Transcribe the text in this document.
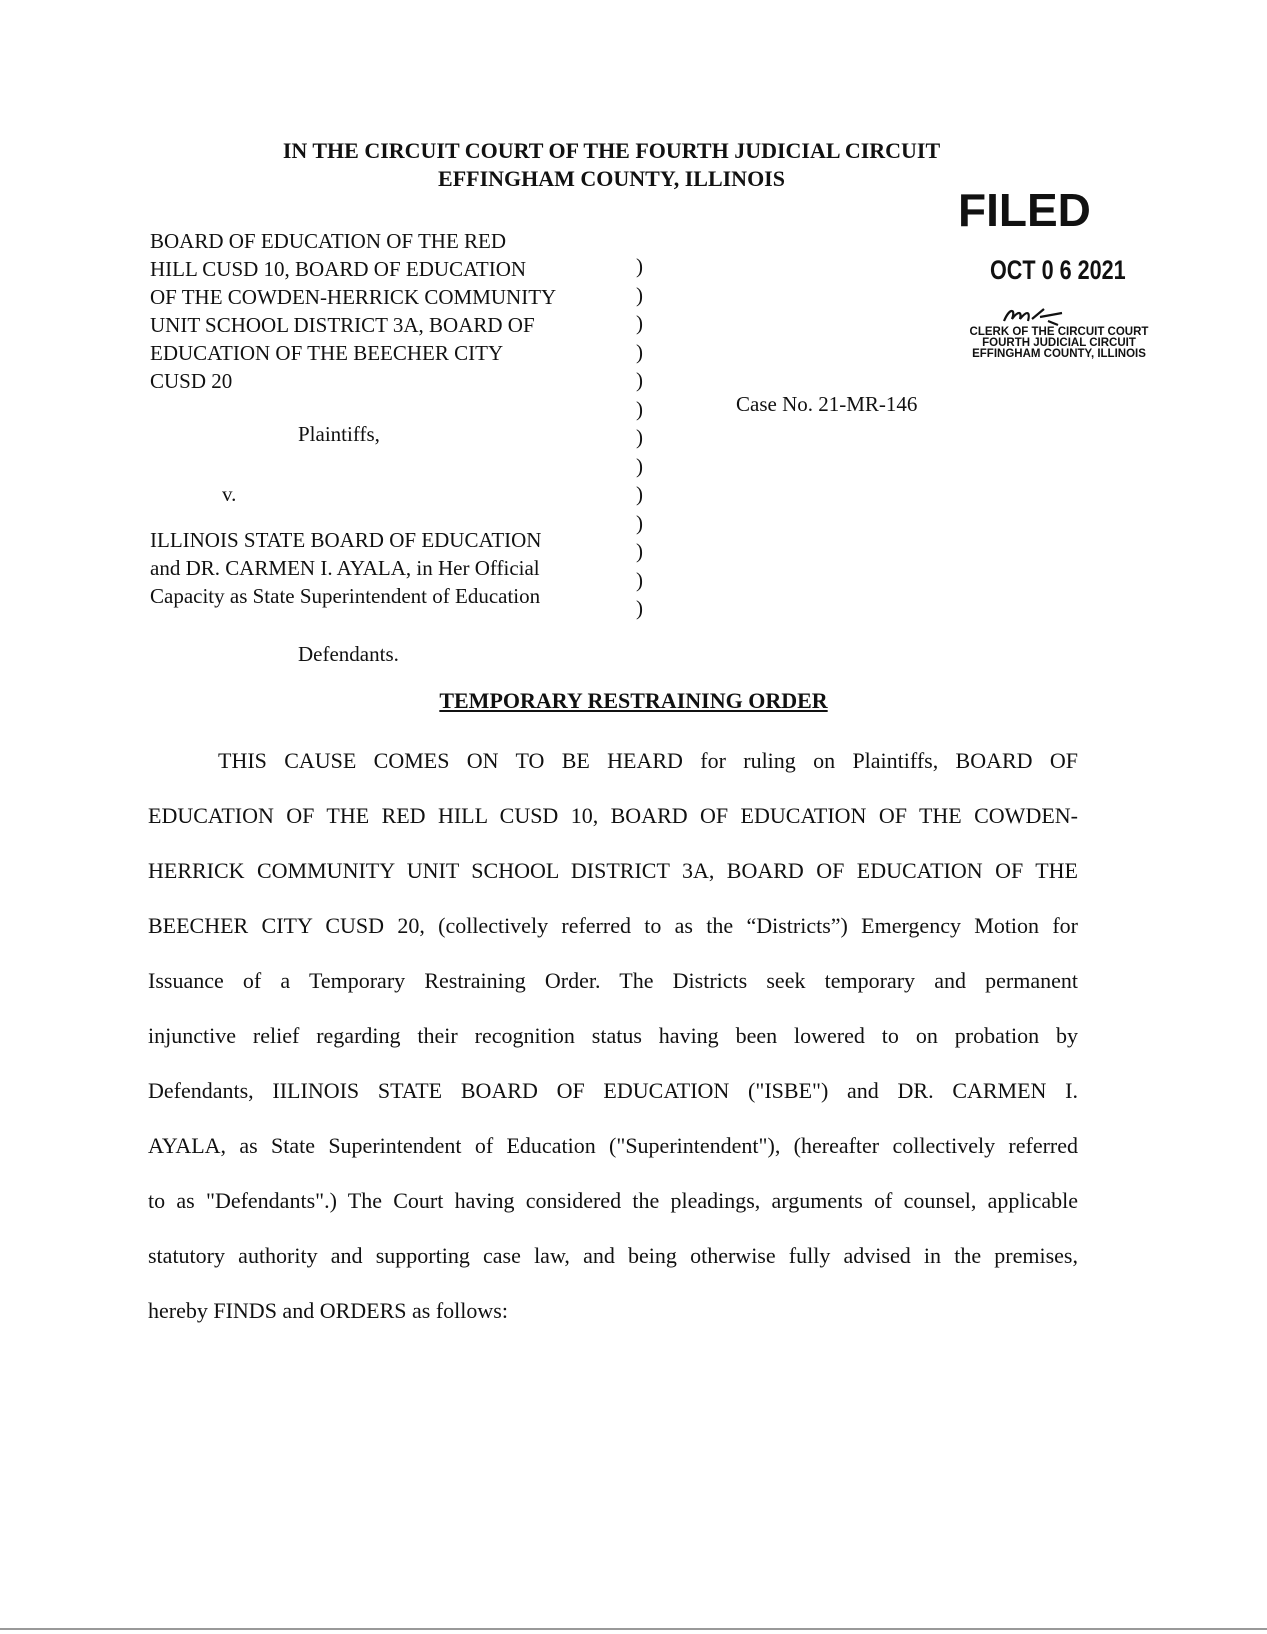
IN THE CIRCUIT COURT OF THE FOURTH JUDICIAL CIRCUIT
EFFINGHAM COUNTY, ILLINOIS
FILED
OCT 0 6 2021
CLERK OF THE CIRCUIT COURT
FOURTH JUDICIAL CIRCUIT
EFFINGHAM COUNTY, ILLINOIS
BOARD OF EDUCATION OF THE RED
HILL CUSD 10, BOARD OF EDUCATION
OF THE COWDEN-HERRICK COMMUNITY
UNIT SCHOOL DISTRICT 3A, BOARD OF
EDUCATION OF THE BEECHER CITY
CUSD 20
Plaintiffs,
v.
ILLINOIS STATE BOARD OF EDUCATION
and DR. CARMEN I. AYALA, in Her Official
Capacity as State Superintendent of Education
Defendants.
)
)
)
)
)
)
)
)
)
)
)
)
)
Case No. 21-MR-146
TEMPORARY RESTRAINING ORDER
THIS CAUSE COMES ON TO BE HEARD for ruling on Plaintiffs, BOARD OF
EDUCATION OF THE RED HILL CUSD 10, BOARD OF EDUCATION OF THE COWDEN-
HERRICK COMMUNITY UNIT SCHOOL DISTRICT 3A, BOARD OF EDUCATION OF THE
BEECHER CITY CUSD 20, (collectively referred to as the “Districts”) Emergency Motion for
Issuance of a Temporary Restraining Order. The Districts seek temporary and permanent
injunctive relief regarding their recognition status having been lowered to on probation by
Defendants, IILINOIS STATE BOARD OF EDUCATION ("ISBE") and DR. CARMEN I.
AYALA, as State Superintendent of Education ("Superintendent"), (hereafter collectively referred
to as "Defendants".) The Court having considered the pleadings, arguments of counsel, applicable
statutory authority and supporting case law, and being otherwise fully advised in the premises,
hereby FINDS and ORDERS as follows:
